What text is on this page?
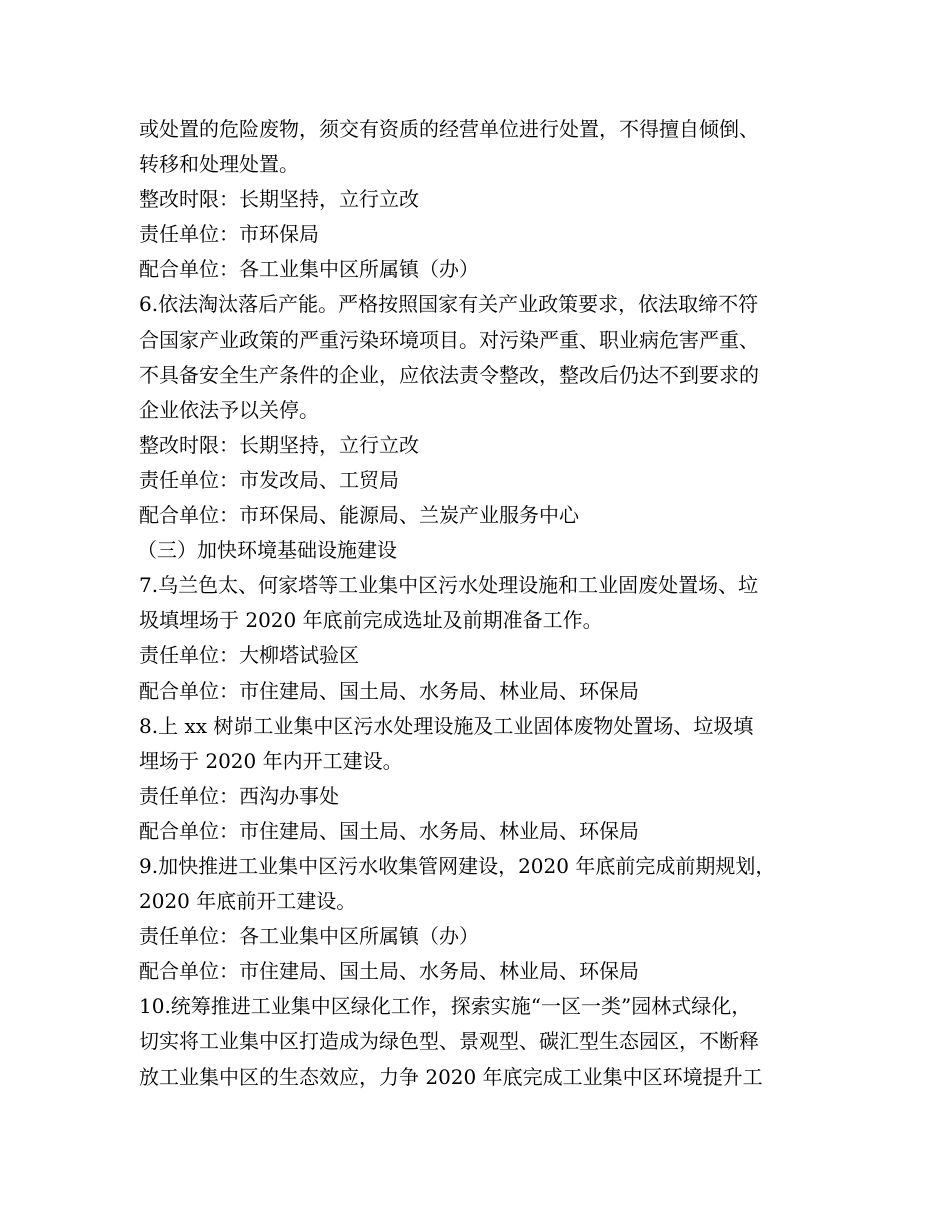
或处置的危险废物，须交有资质的经营单位进行处置，不得擅自倾倒、
转移和处理处置。
整改时限：长期坚持，立行立改
责任单位：市环保局
配合单位：各工业集中区所属镇（办）
6.依法淘汰落后产能。严格按照国家有关产业政策要求，依法取缔不符
合国家产业政策的严重污染环境项目。对污染严重、职业病危害严重、
不具备安全生产条件的企业，应依法责令整改，整改后仍达不到要求的
企业依法予以关停。
整改时限：长期坚持，立行立改
责任单位：市发改局、工贸局
配合单位：市环保局、能源局、兰炭产业服务中心
（三）加快环境基础设施建设
7.乌兰色太、何家塔等工业集中区污水处理设施和工业固废处置场、垃
圾填埋场于 2020 年底前完成选址及前期准备工作。
责任单位：大柳塔试验区
配合单位：市住建局、国土局、水务局、林业局、环保局
8.上 xx 树峁工业集中区污水处理设施及工业固体废物处置场、垃圾填
埋场于 2020 年内开工建设。
责任单位：西沟办事处
配合单位：市住建局、国土局、水务局、林业局、环保局
9.加快推进工业集中区污水收集管网建设，2020 年底前完成前期规划，
2020 年底前开工建设。
责任单位：各工业集中区所属镇（办）
配合单位：市住建局、国土局、水务局、林业局、环保局
10.统筹推进工业集中区绿化工作，探索实施“一区一类”园林式绿化，
切实将工业集中区打造成为绿色型、景观型、碳汇型生态园区，不断释
放工业集中区的生态效应，力争 2020 年底完成工业集中区环境提升工
